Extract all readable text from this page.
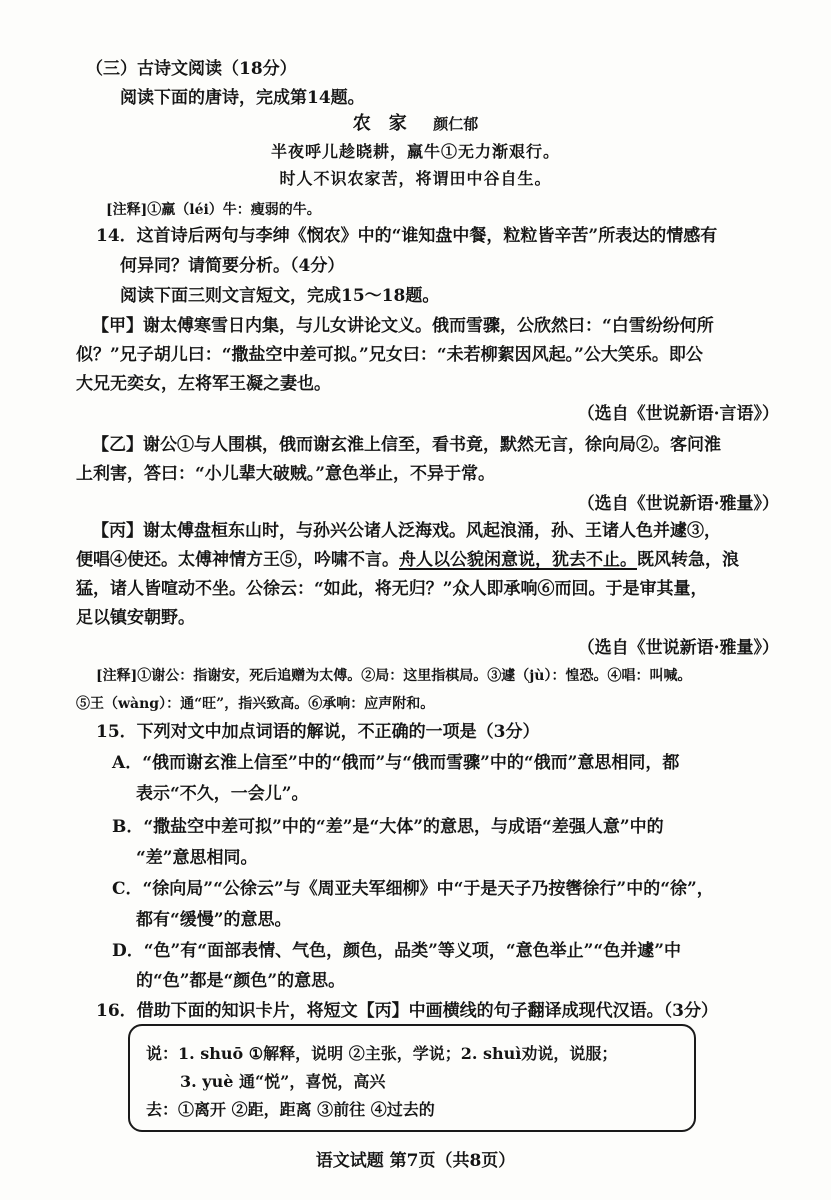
（三）古诗文阅读（18分）
阅读下面的唐诗，完成第14题。
农　家 颜仁郁
半夜呼儿趁晓耕，羸牛①无力渐艰行。
时人不识农家苦，将谓田中谷自生。
[注释]①羸（léi）牛：瘦弱的牛。
14．这首诗后两句与李绅《悯农》中的“谁知盘中餐，粒粒皆辛苦”所表达的情感有
何异同？请简要分析。（4分）
阅读下面三则文言短文，完成15～18题。
【甲】谢太傅寒雪日内集，与儿女讲论文义。俄而雪骤，公欣然曰：“白雪纷纷何所
似？”兄子胡儿曰：“撒盐空中差可拟。”兄女曰：“未若柳絮因风起。”公大笑乐。即公
大兄无奕女，左将军王凝之妻也。
（选自《世说新语·言语》）
【乙】谢公①与人围棋，俄而谢玄淮上信至，看书竟，默然无言，徐向局②。客问淮
上利害，答曰：“小儿辈大破贼。”意色举止，不异于常。
（选自《世说新语·雅量》）
【丙】谢太傅盘桓东山时，与孙兴公诸人泛海戏。风起浪涌，孙、王诸人色并遽③，
便唱④使还。太傅神情方王⑤，吟啸不言。舟人以公貌闲意说，犹去不止。既风转急，浪
猛，诸人皆喧动不坐。公徐云：“如此，将无归？”众人即承响⑥而回。于是审其量，
足以镇安朝野。
（选自《世说新语·雅量》）
[注释]①谢公：指谢安，死后追赠为太傅。②局：这里指棋局。③遽（jù）：惶恐。④唱：叫喊。
⑤王（wàng）：通“旺”，指兴致高。⑥承响：应声附和。
15．下列对文中加点词语的解说，不正确的一项是（3分）
A．“俄而谢玄淮上信至”中的“俄而”与“俄而雪骤”中的“俄而”意思相同，都
表示“不久，一会儿”。
B．“撒盐空中差可拟”中的“差”是“大体”的意思，与成语“差强人意”中的
“差”意思相同。
C．“徐向局”“公徐云”与《周亚夫军细柳》中“于是天子乃按辔徐行”中的“徐”，
都有“缓慢”的意思。
D．“色”有“面部表情、气色，颜色，品类”等义项，“意色举止”“色并遽”中
的“色”都是“颜色”的意思。
16．借助下面的知识卡片，将短文【丙】中画横线的句子翻译成现代汉语。（3分）
说：1. shuō ①解释，说明 ②主张，学说；2. shuì劝说，说服；
3. yuè 通“悦”，喜悦，高兴
去：①离开 ②距，距离 ③前往 ④过去的
语文试题 第7页（共8页）
